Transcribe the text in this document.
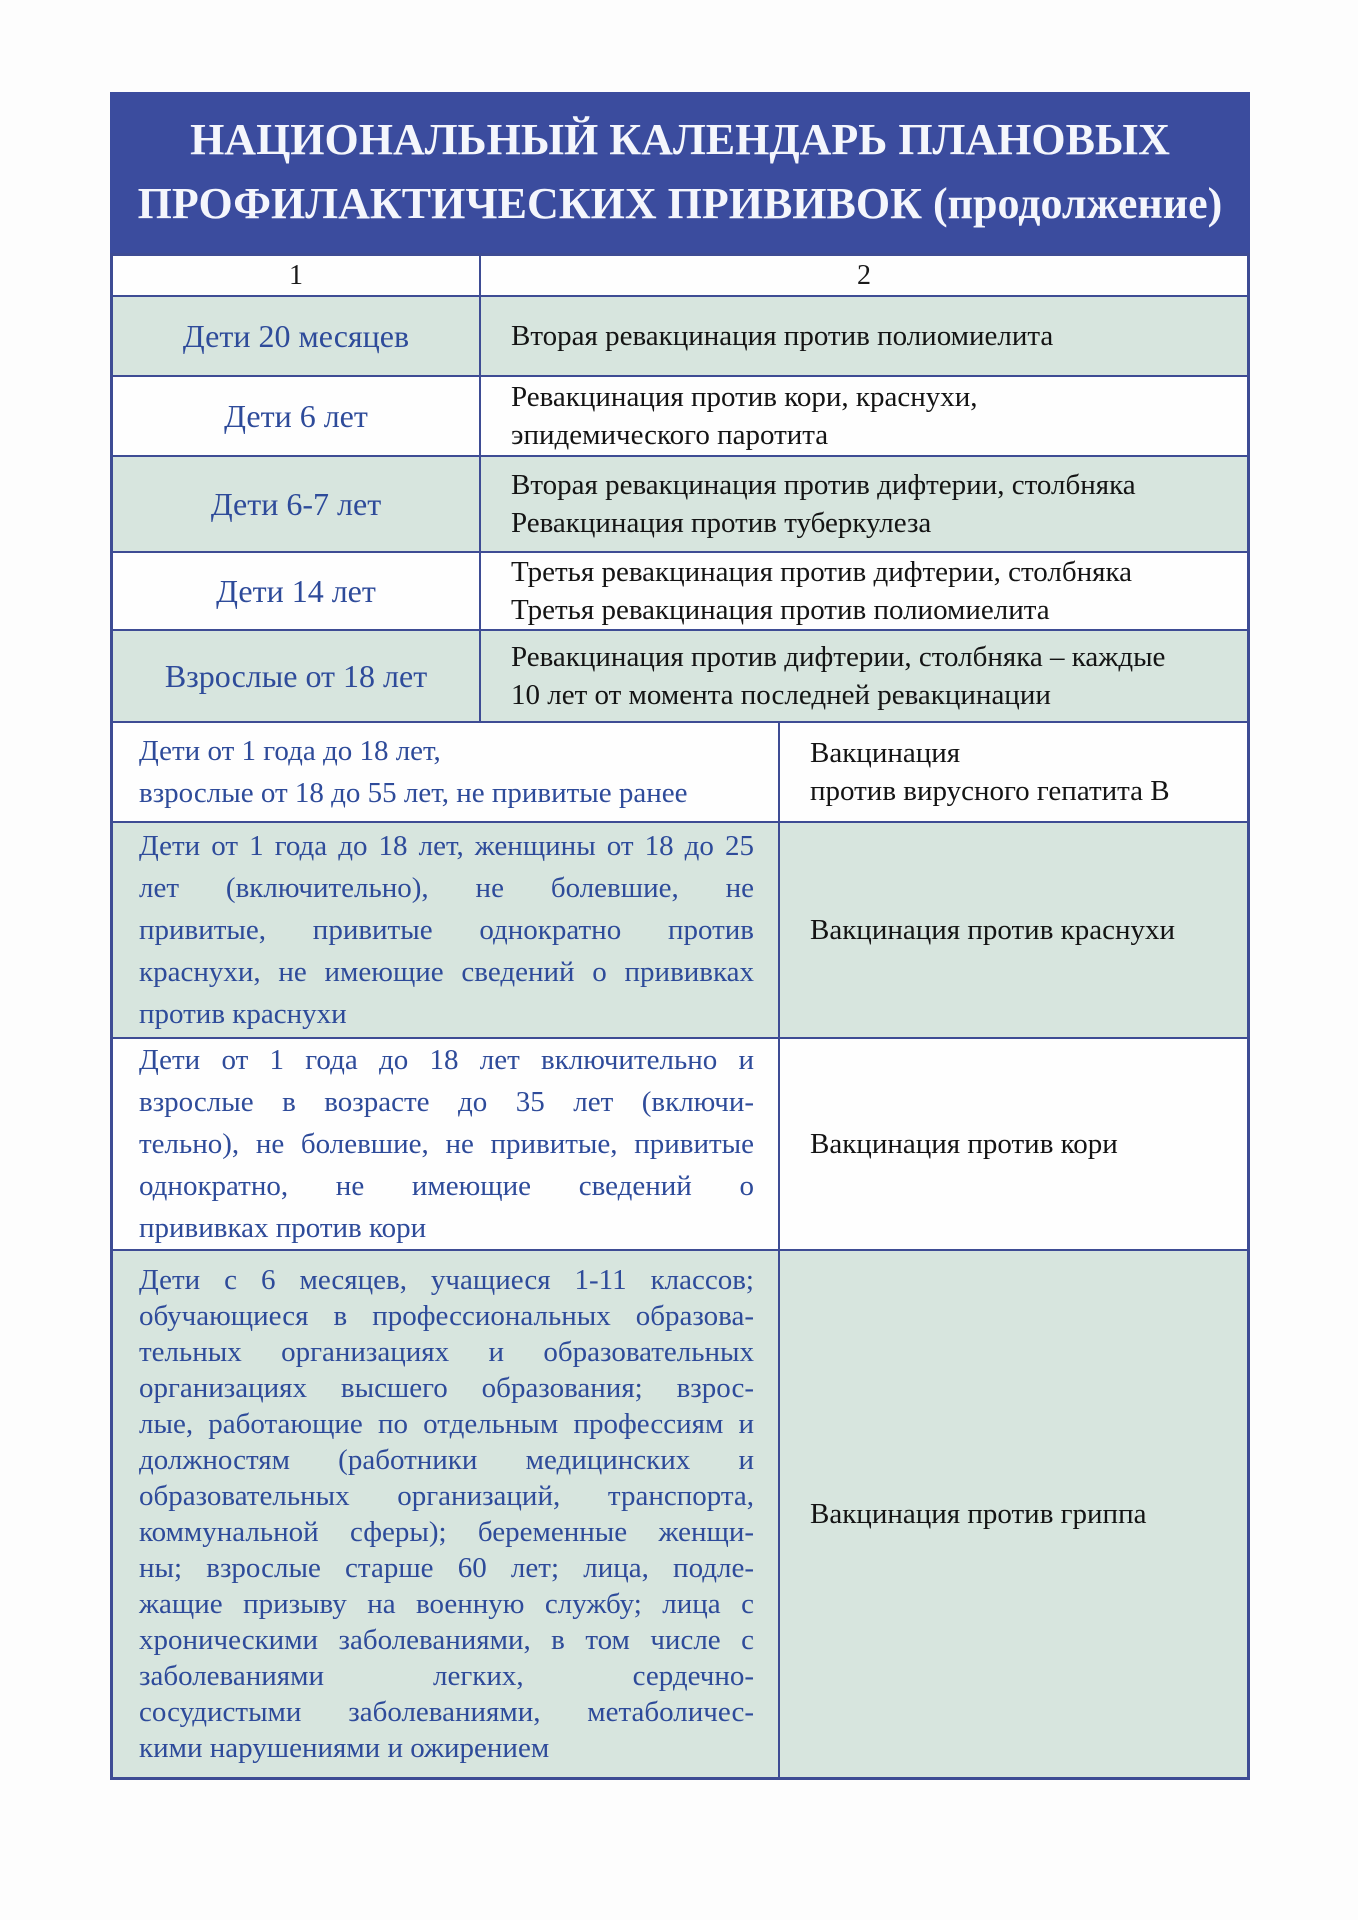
НАЦИОНАЛЬНЫЙ КАЛЕНДАРЬ ПЛАНОВЫХ
ПРОФИЛАКТИЧЕСКИХ ПРИВИВОК (продолжение)
1	2
Дети 20 месяцев	Вторая ревакцинация против полиомиелита
Дети 6 лет
Ревакцинация против кори, краснухи,
эпидемического паротита
Дети 6-7 лет
Вторая ревакцинация против дифтерии, столбняка
Ревакцинация против туберкулеза
Дети 14 лет
Третья ревакцинация против дифтерии, столбняка
Третья ревакцинация против полиомиелита
Взрослые от 18 лет
Ревакцинация против дифтерии, столбняка – каждые
10 лет от момента последней ревакцинации
Дети от 1 года до 18 лет,
взрослые от 18 до 55 лет, не привитые ранее
Вакцинация
против вирусного гепатита В
Дети от 1 года до 18 лет, женщины от 18 до 25
лет (включительно), не болевшие, не
привитые, привитые однократно против
краснухи, не имеющие сведений о прививках
против краснухи
Вакцинация против краснухи
Дети от 1 года до 18 лет включительно и
взрослые в возрасте до 35 лет (включи-
тельно), не болевшие, не привитые, привитые
однократно, не имеющие сведений о
прививках против кори
Вакцинация против кори
Дети с 6 месяцев, учащиеся 1-11 классов;
обучающиеся в профессиональных образова-
тельных организациях и образовательных
организациях высшего образования; взрос-
лые, работающие по отдельным профессиям и
должностям (работники медицинских и
образовательных организаций, транспорта,
коммунальной сферы); беременные женщи-
ны; взрослые старше 60 лет; лица, подле-
жащие призыву на военную службу; лица с
хроническими заболеваниями, в том числе с
заболеваниями легких, сердечно-
сосудистыми заболеваниями, метаболичес-
кими нарушениями и ожирением
Вакцинация против гриппа
